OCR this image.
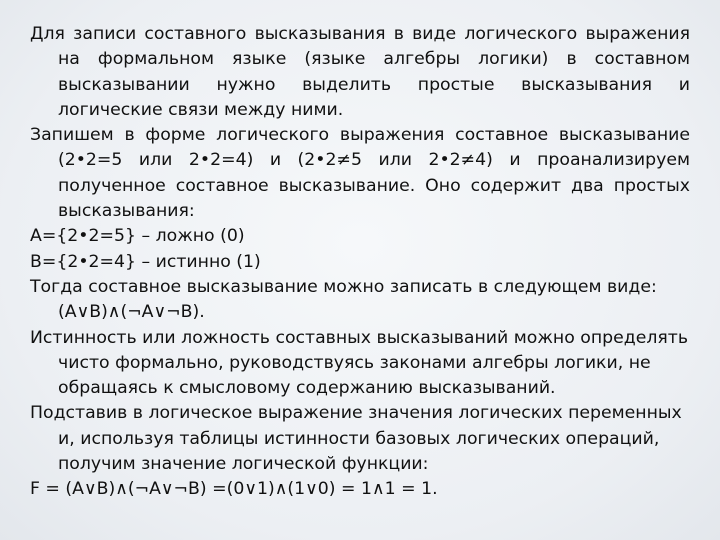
Для записи составного высказывания в виде логического выражения на формальном языке (языке алгебры логики) в составном высказывании нужно выделить простые высказывания и логические связи между ними.

Запишем в форме логического выражения составное высказывание (2•2=5 или 2•2=4) и (2•2≠5 или 2•2≠4) и проанализируем полученное составное высказывание. Оно содержит два простых высказывания:

А={2•2=5} – ложно (0)

В={2•2=4} – истинно (1)

Тогда составное высказывание можно записать в следующем виде: (А∨В)∧(¬А∨¬В).

Истинность или ложность составных высказываний можно определять чисто формально, руководствуясь законами алгебры логики, не обращаясь к смысловому содержанию высказываний.

Подставив в логическое выражение значения логических переменных и, используя таблицы истинности базовых логических операций, получим значение логической функции:

F = (А∨В)∧(¬А∨¬В) =(0∨1)∧(1∨0) = 1∧1 = 1.
